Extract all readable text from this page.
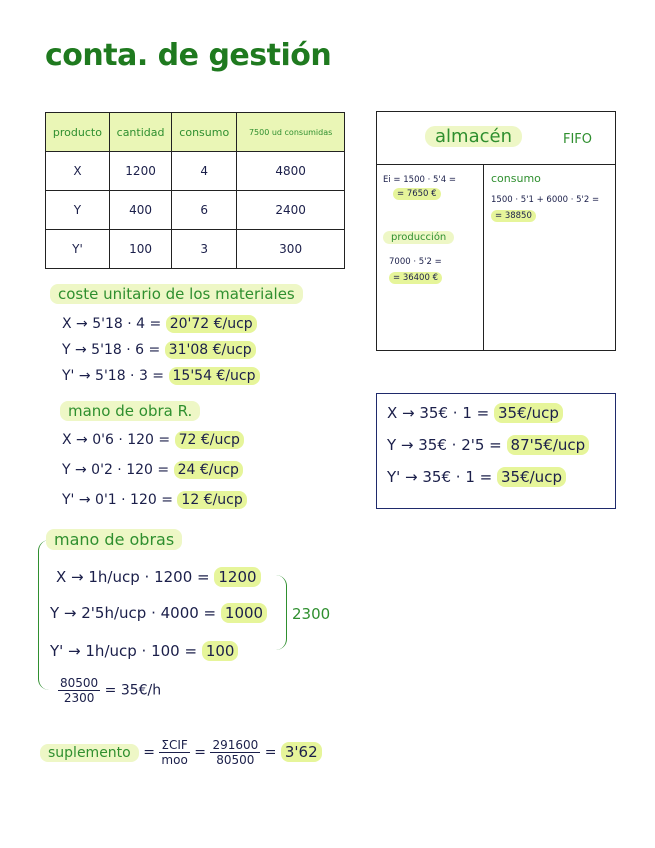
conta. de gestión
producto	cantidad	consumo	7500 ud consumidas
X	1200	4	4800
Y	400	6	2400
Y'	100	3	300
almacén	FIFO
Ei = 1500 · 5'4 =
= 7650 €
producción
7000 · 5'2 =
= 36400 €
consumo
1500 · 5'1 + 6000 · 5'2 =
= 38850
coste unitario de los materiales
X → 5'18 · 4 = 20'72 €/ucp
Y → 5'18 · 6 = 31'08 €/ucp
Y' → 5'18 · 3 = 15'54 €/ucp
mano de obra R.
X → 0'6 · 120 = 72 €/ucp
Y → 0'2 · 120 = 24 €/ucp
Y' → 0'1 · 120 = 12 €/ucp
X → 35€ · 1 = 35€/ucp
Y → 35€ · 2'5 = 87'5€/ucp
Y' → 35€ · 1 = 35€/ucp
mano de obras
X → 1h/ucp · 1200 = 1200
Y → 2'5h/ucp · 4000 = 1000
Y' → 1h/ucp · 100 = 100
2300
$\frac{80500}{2300}$ = 35€/h
suplemento = $\frac{\text{ΣCIF}}{\text{moo}} = \frac{291600}{80500} = 3'62$
